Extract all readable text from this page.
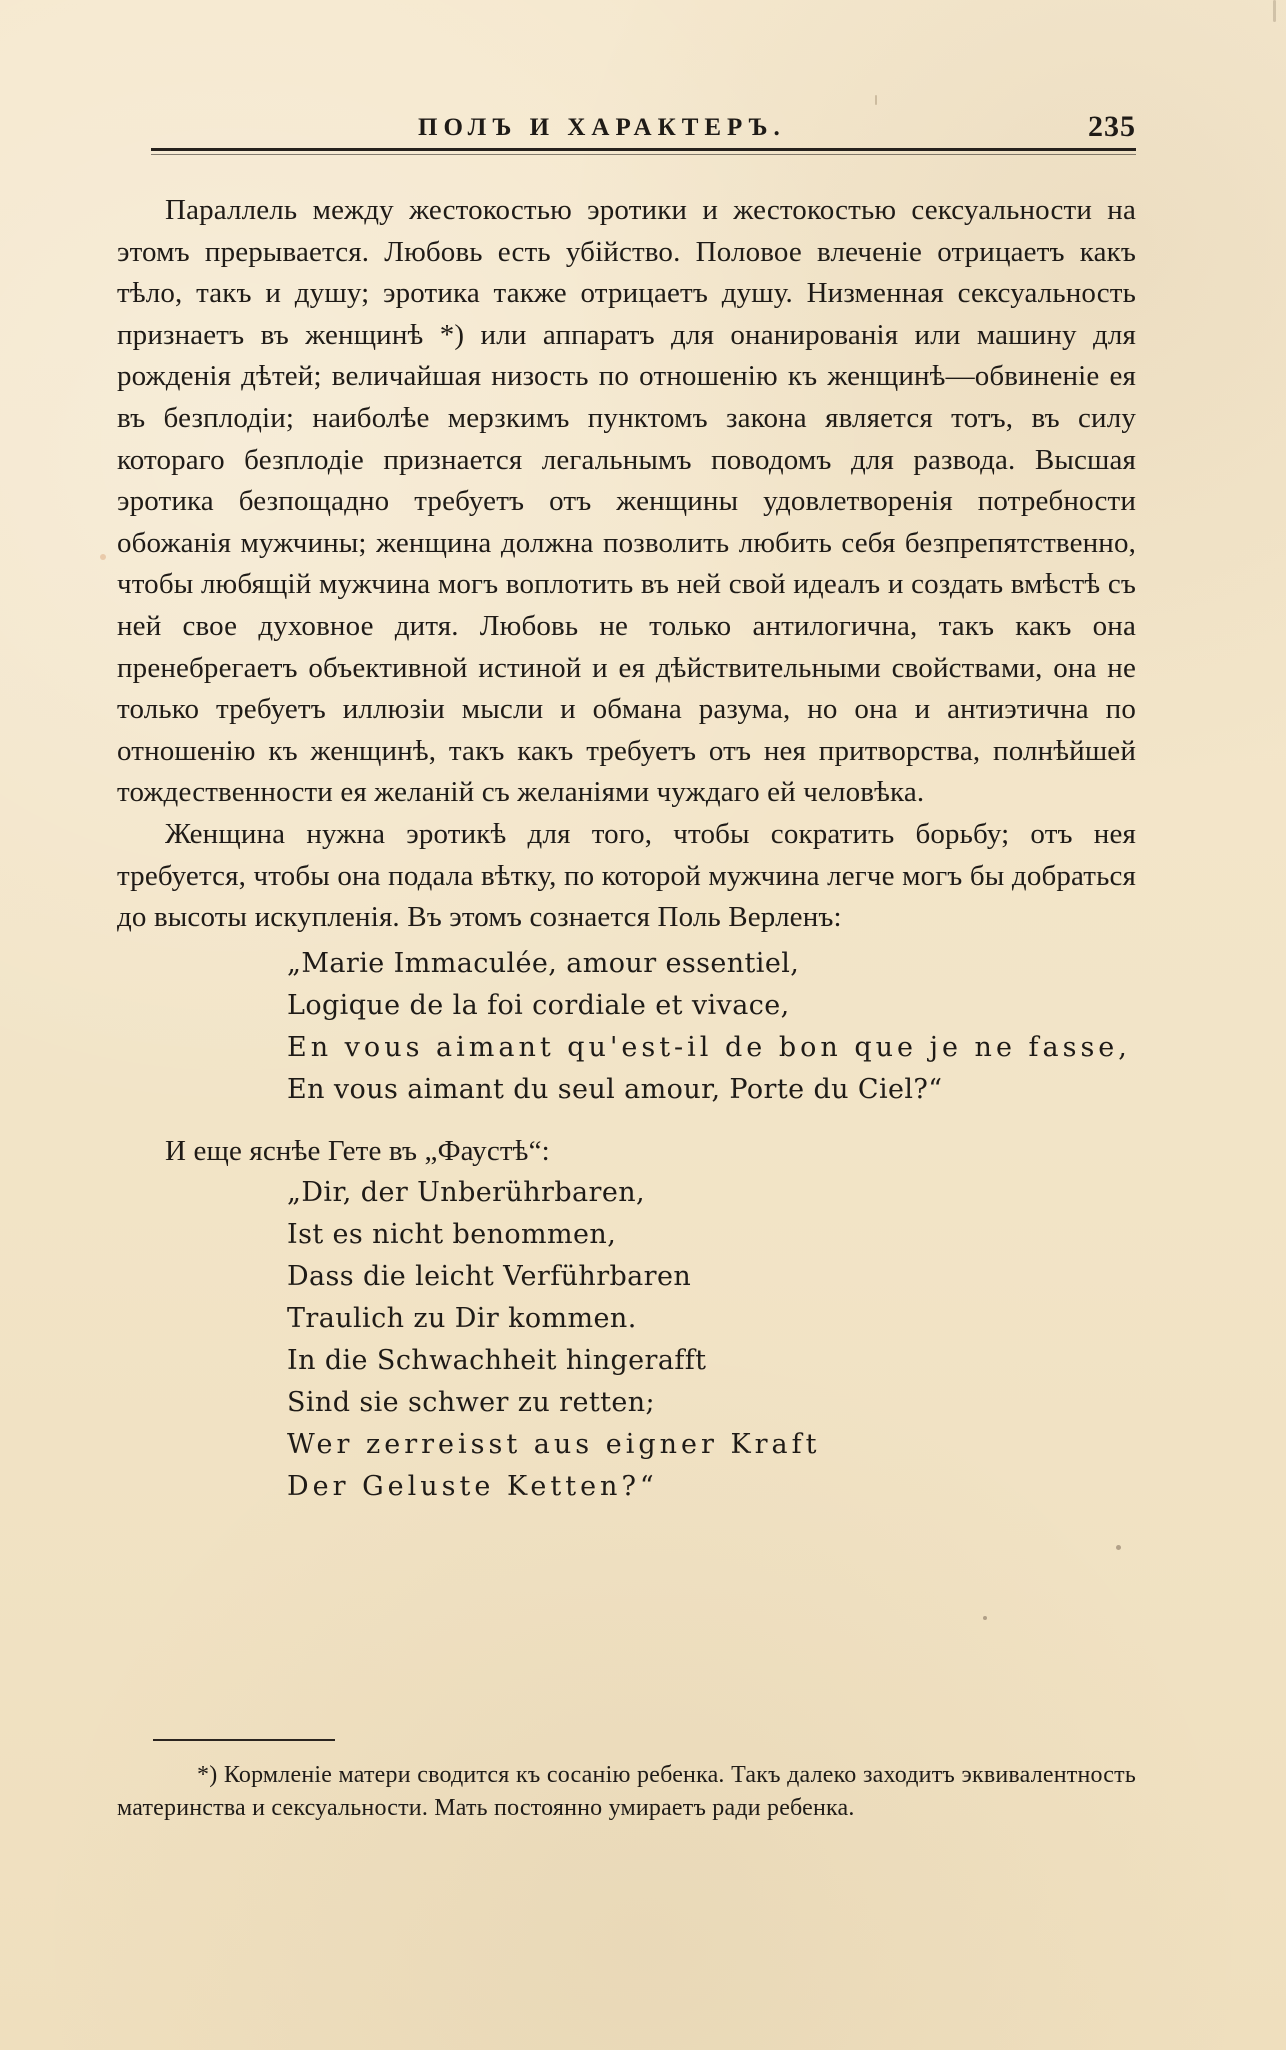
ПОЛЪ И ХАРАКТЕРЪ.	235

Параллель между жестокостью эротики и жестокостью сексуальности на этомъ прерывается. Любовь есть убійство. Половое влеченіе отрицаетъ какъ тѣло, такъ и душу; эротика также отрицаетъ душу. Низменная сексуальность признаетъ въ женщинѣ *) или аппаратъ для онанированія или машину для рожденія дѣтей; величайшая низость по отношенію къ женщинѣ—обвиненіе ея въ безплодіи; наиболѣе мерзкимъ пунктомъ закона является тотъ, въ силу котораго безплодіе признается легальнымъ поводомъ для развода. Высшая эротика безпощадно требуетъ отъ женщины удовлетворенія потребности обожанія мужчины; женщина должна позволить любить себя безпрепятственно, чтобы любящій мужчина могъ воплотить въ ней свой идеалъ и создать вмѣстѣ съ ней свое духовное дитя. Любовь не только антилогична, такъ какъ она пренебрегаетъ объективной истиной и ея дѣйствительными свойствами, она не только требуетъ иллюзіи мысли и обмана разума, но она и антиэтична по отношенію къ женщинѣ, такъ какъ требуетъ отъ нея притворства, полнѣйшей тождественности ея желаній съ желаніями чуждаго ей человѣка.

Женщина нужна эротикѣ для того, чтобы сократить борьбу; отъ нея требуется, чтобы она подала вѣтку, по которой мужчина легче могъ бы добраться до высоты искупленія. Въ этомъ сознается Поль Верленъ:

„Marie Immaculée, amour essentiel,
Logique de la foi cordiale et vivace,
En vous aimant qu'est-il de bon que je ne fasse,
En vous aimant du seul amour, Porte du Ciel?“
И еще яснѣе Гете въ „Фаустѣ“:
„Dir, der Unberührbaren,
Ist es nicht benommen,
Dass die leicht Verführbaren
Traulich zu Dir kommen.
In die Schwachheit hingerafft
Sind sie schwer zu retten;
Wer zerreisst aus eigner Kraft
Der Geluste Ketten?“

*) Кормленіе матери сводится къ сосанію ребенка. Такъ далеко заходитъ эквивалентность материнства и сексуальности. Мать постоянно умираетъ ради ребенка.
